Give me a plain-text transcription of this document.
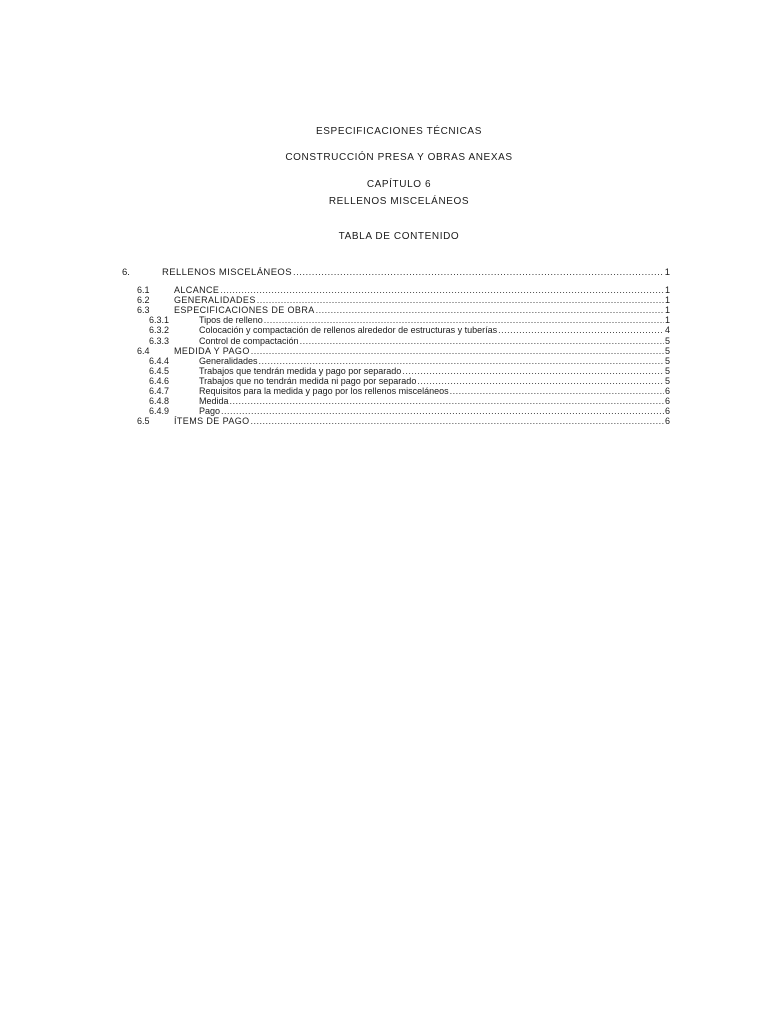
ESPECIFICACIONES TÉCNICAS
CONSTRUCCIÓN PRESA Y OBRAS ANEXAS
CAPÍTULO 6
RELLENOS MISCELÁNEOS
TABLA DE CONTENIDO
6.	RELLENOS MISCELÁNEOS .....	1
6.1	ALCANCE .....	1
6.2	GENERALIDADES .....	1
6.3	ESPECIFICACIONES DE OBRA .....	1
6.3.1	Tipos de relleno .....	1
6.3.2	Colocación y compactación de rellenos alrededor de estructuras y tuberías .....	4
6.3.3	Control de compactación .....	5
6.4	MEDIDA Y PAGO .....	5
6.4.4	Generalidades .....	5
6.4.5	Trabajos que tendrán medida y pago por separado .....	5
6.4.6	Trabajos que no tendrán medida ni pago por separado .....	5
6.4.7	Requisitos para la medida y pago por los rellenos misceláneos .....	6
6.4.8	Medida .....	6
6.4.9	Pago .....	6
6.5	ÍTEMS DE PAGO .....	6
